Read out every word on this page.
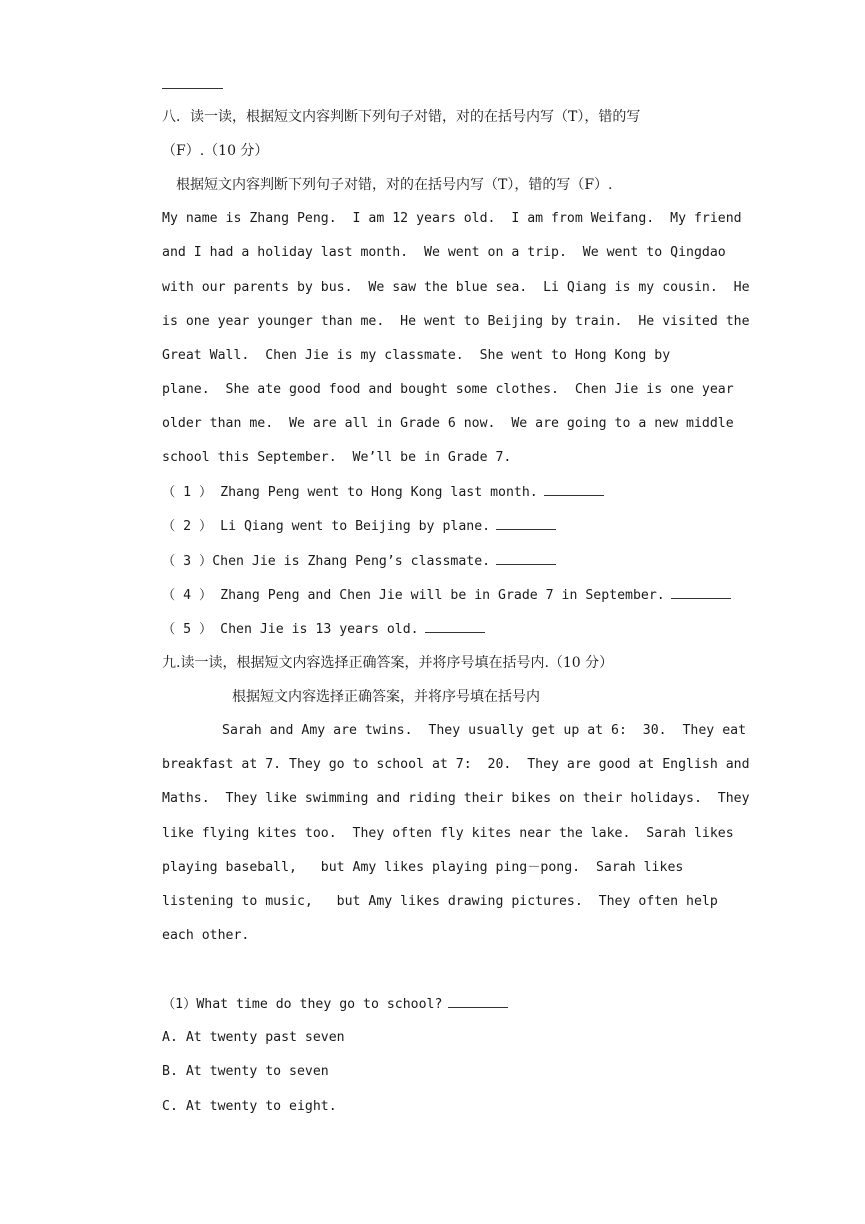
八．读一读，根据短文内容判断下列句子对错，对的在括号内写（T），错的写
（F）.（10 分）
根据短文内容判断下列句子对错，对的在括号内写（T），错的写（F）.
My name is Zhang Peng.  I am 12 years old.  I am from Weifang.  My friend
and I had a holiday last month.  We went on a trip.  We went to Qingdao
with our parents by bus.  We saw the blue sea.  Li Qiang is my cousin.  He
is one year younger than me.  He went to Beijing by train.  He visited the
Great Wall.  Chen Jie is my classmate.  She went to Hong Kong by
plane.  She ate good food and bought some clothes.  Chen Jie is one year
older than me.  We are all in Grade 6 now.  We are going to a new middle
school this September.  We’ll be in Grade 7.
（ 1 ） Zhang Peng went to Hong Kong last month.
（ 2 ） Li Qiang went to Beijing by plane.
（ 3 ）Chen Jie is Zhang Peng’s classmate.
（ 4 ） Zhang Peng and Chen Jie will be in Grade 7 in September.
（ 5 ） Chen Jie is 13 years old.
九.读一读，根据短文内容选择正确答案，并将序号填在括号内.（10 分）
根据短文内容选择正确答案，并将序号填在括号内
Sarah and Amy are twins.  They usually get up at 6:  30.  They eat
breakfast at 7. They go to school at 7:  20.  They are good at English and
Maths.  They like swimming and riding their bikes on their holidays.  They
like flying kites too.  They often fly kites near the lake.  Sarah likes
playing baseball,   but Amy likes playing ping－pong.  Sarah likes
listening to music,   but Amy likes drawing pictures.  They often help
each other.
（1）What time do they go to school?
A. At twenty past seven
B. At twenty to seven
C. At twenty to eight.
